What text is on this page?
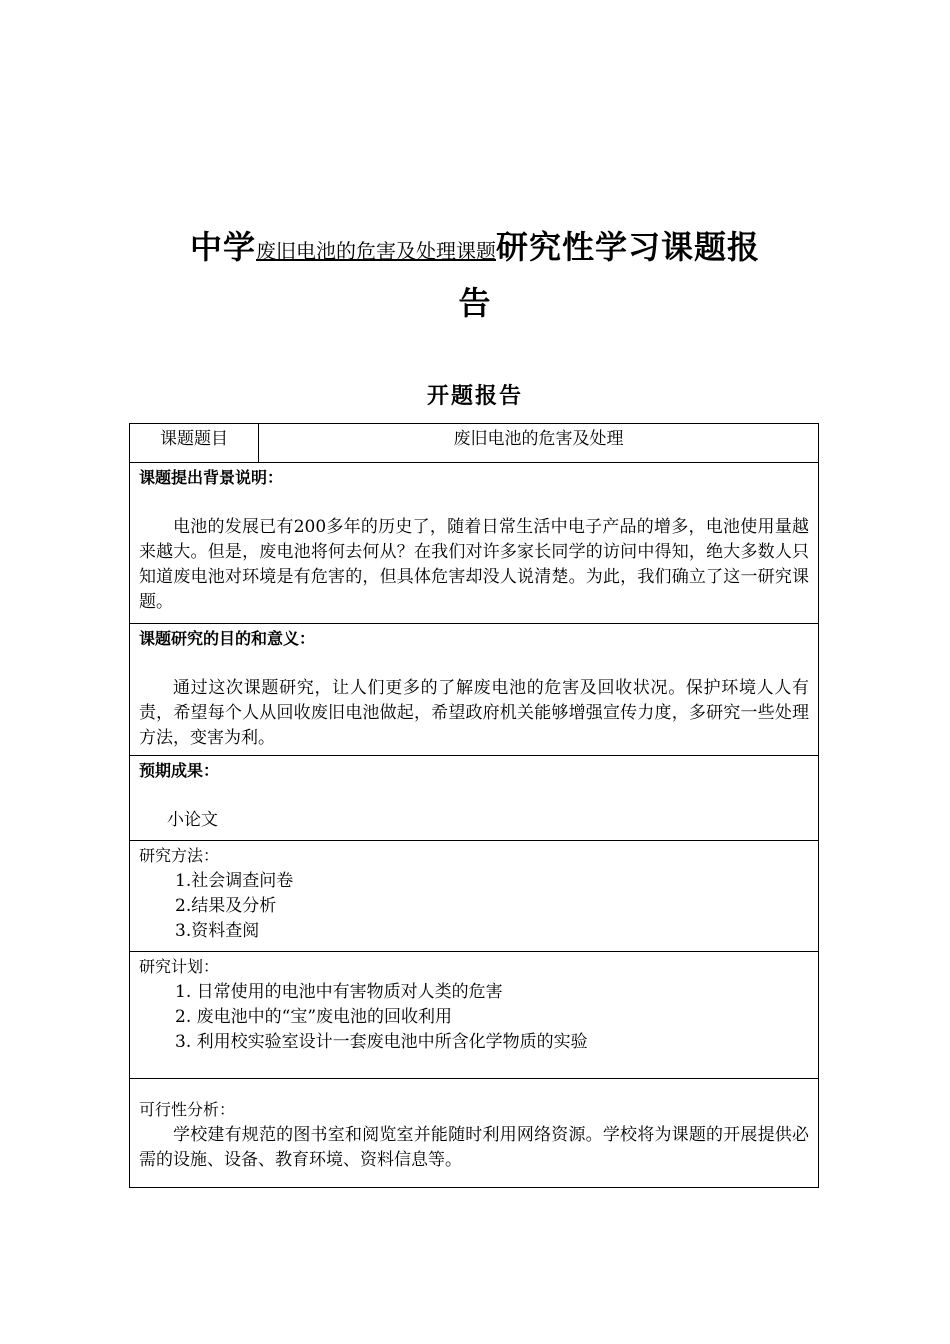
中学废旧电池的危害及处理课题研究性学习课题报
告
开题报告
课题题目	废旧电池的危害及处理

课题提出背景说明：

电池的发展已有200多年的历史了，随着日常生活中电子产品的增多，电池使用量越来越大。但是，废电池将何去何从？在我们对许多家长同学的访问中得知，绝大多数人只知道废电池对环境是有危害的，但具体危害却没人说清楚。为此，我们确立了这一研究课题。

课题研究的目的和意义：

通过这次课题研究，让人们更多的了解废电池的危害及回收状况。保护环境人人有责，希望每个人从回收废旧电池做起，希望政府机关能够增强宣传力度，多研究一些处理方法，变害为利。

预期成果：
小论文

研究方法：
1.社会调查问卷
2.结果及分析
3.资料查阅

研究计划：
1. 日常使用的电池中有害物质对人类的危害
2. 废电池中的“宝”废电池的回收利用
3. 利用校实验室设计一套废电池中所含化学物质的实验

可行性分析：

学校建有规范的图书室和阅览室并能随时利用网络资源。学校将为课题的开展提供必需的设施、设备、教育环境、资料信息等。
